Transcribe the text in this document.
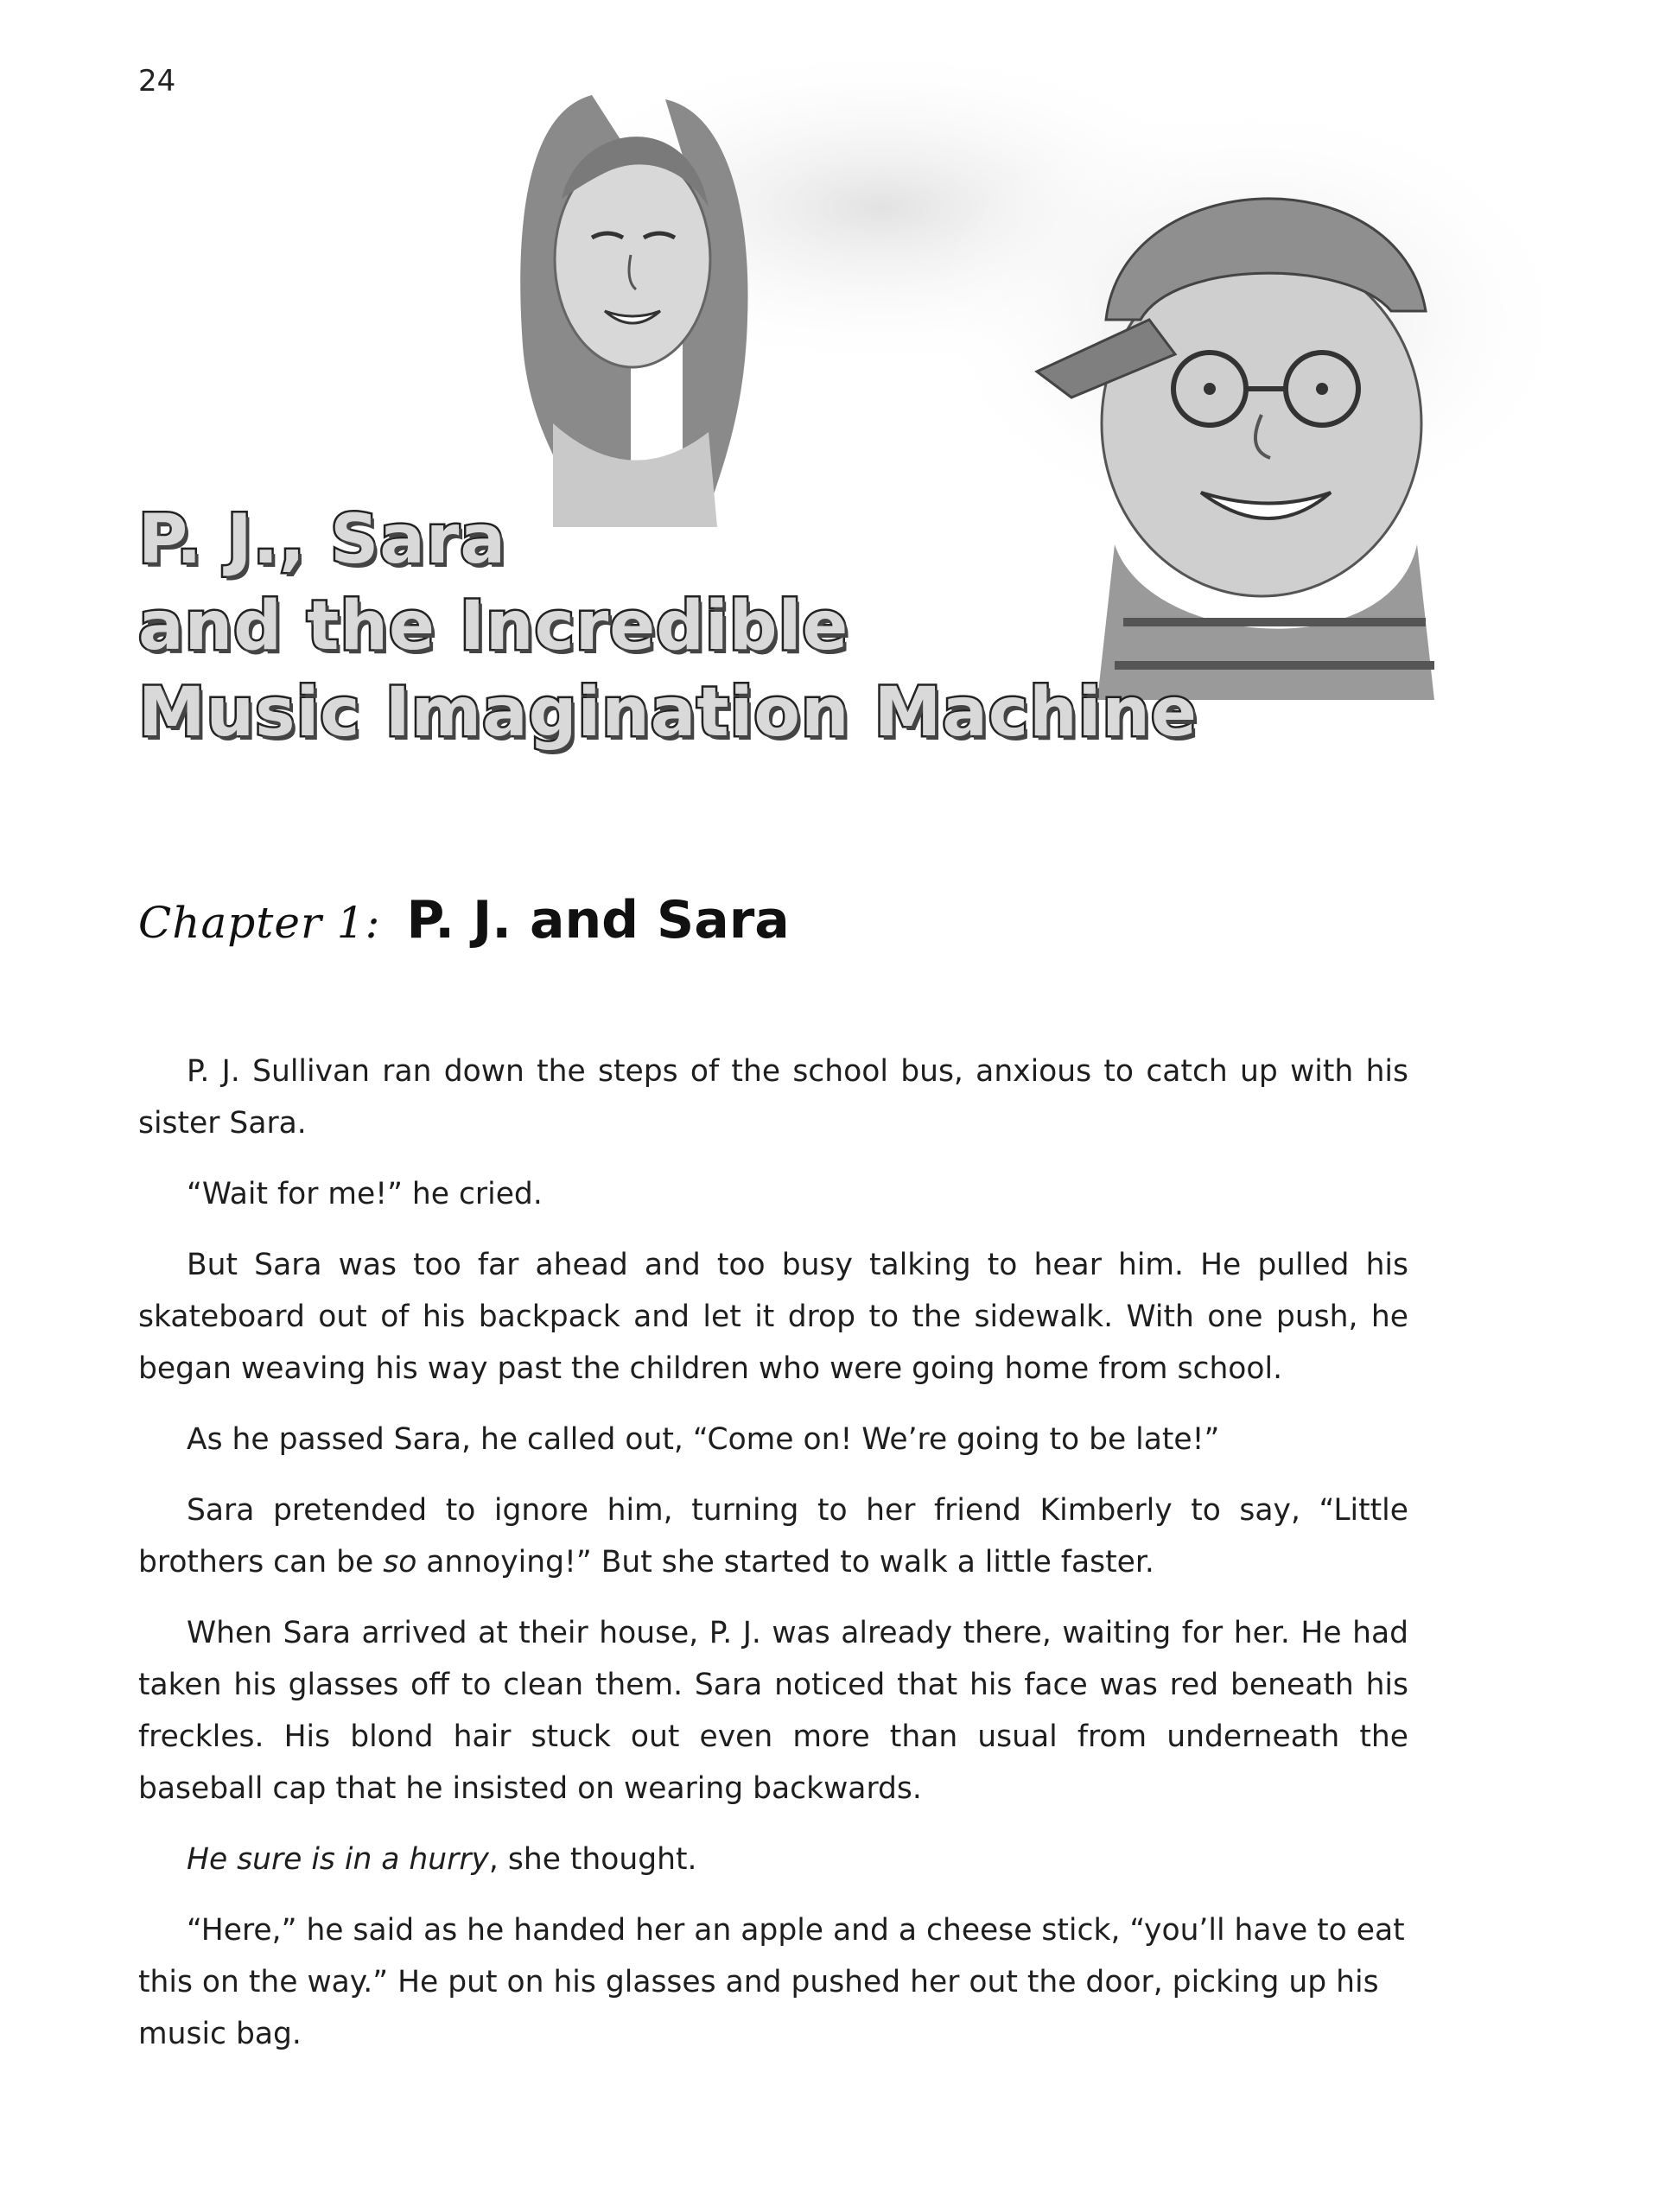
24
P. J., Sara
and the Incredible
Music Imagination Machine
Chapter 1: P. J. and Sara

P. J. Sullivan ran down the steps of the school bus, anxious to catch up with his sister Sara.

“Wait for me!” he cried.

But Sara was too far ahead and too busy talking to hear him. He pulled his skateboard out of his backpack and let it drop to the sidewalk. With one push, he began weaving his way past the children who were going home from school.

As he passed Sara, he called out, “Come on! We’re going to be late!”

Sara pretended to ignore him, turning to her friend Kimberly to say, “Little brothers can be so annoying!” But she started to walk a little faster.

When Sara arrived at their house, P. J. was already there, waiting for her. He had taken his glasses off to clean them. Sara noticed that his face was red beneath his freckles. His blond hair stuck out even more than usual from underneath the baseball cap that he insisted on wearing backwards.

He sure is in a hurry, she thought.

“Here,” he said as he handed her an apple and a cheese stick, “you’ll have to eat this on the way.” He put on his glasses and pushed her out the door, picking up his music bag.
